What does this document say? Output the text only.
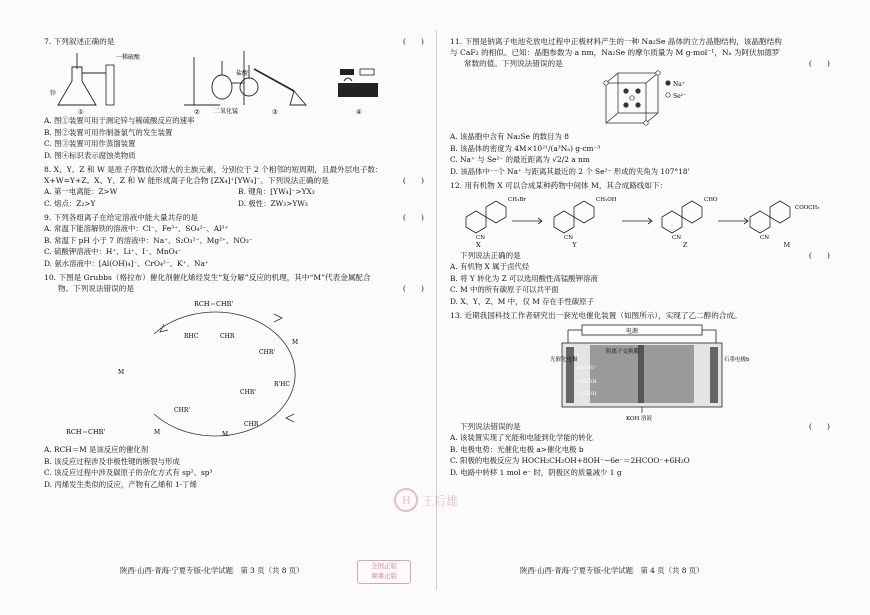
7. 下列叙述正确的是	(　　)
一稀硫酸
锌
①
盐酸
二氧化锰
②	③	④
A. 图①装置可用于测定锌与稀硫酸反应的速率
B. 图②装置可用作制备氯气的发生装置
C. 图③装置可用作蒸馏装置
D. 图④标识表示腐蚀类物质
8. X、Y、Z 和 W 是原子序数依次增大的主族元素，分别位于 2 个相邻的短周期，且最外层电子数：
X+W=Y+Z。X、Y、Z 和 W 能形成离子化合物 [ZX₄]⁺[YW₄]⁻。下列说法正确的是	(　　)
A. 第一电离能：Z>W	B. 键角：[YW₄]⁻>YX₃
C. 熔点：Z₂>Y	D. 极性：ZW₃>YW₃
9. 下列各组离子在给定溶液中能大量共存的是	(　　)
A. 常温下能溶解铁的溶液中：Cl⁻、Fe³⁺、SO₄²⁻、Al³⁺
B. 常温下 pH 小于 7 的溶液中：Na⁺、S₂O₃²⁻、Mg²⁺、NO₃⁻
C. 硫酸钾溶液中：H⁺、Li⁺、I⁻、MnO₄⁻
D. 氨水溶液中：[Al(OH)₄]⁻、CrO₄²⁻、K⁺、Na⁺
10. 下图是 Grubbs（格拉布）催化剂催化烯烃发生“复分解”反应的机理，其中“M”代表金属配合
物。下列说法错误的是	(　　)
RCH＝CHR'
RHC	CHR
CHR'
M
M
R'HC
CHR'
RCH＝CHR'	M	M
CHR
CHR'
A. RCH＝M 是该反应的催化剂
B. 该反应过程涉及非极性键的断裂与形成
C. 该反应过程中涉及碳原子的杂化方式有 sp²、sp³
D. 丙烯发生类似的反应，产物有乙烯和 1-丁烯
陕西·山西·青海·宁夏专版-化学试题　第 3 页（共 8 页）
11. 下图是钠离子电池充放电过程中正极材料产生的一种 Na₂Se 晶体的立方晶胞结构，该晶胞结构
与 CaF₂ 的相似。已知：晶胞参数为 a nm，Na₂Se 的摩尔质量为 M g·mol⁻¹，Nₐ 为阿伏加德罗
常数的值。下列说法错误的是	(　　)
Na⁺
Se²⁻
A. 该晶胞中含有 Na₂Se 的数目为 8
B. 该晶体的密度为 4M×10²¹/(a³Nₐ) g·cm⁻³
C. Na⁺ 与 Se²⁻ 的最近距离为 √2/2 a nm
D. 该晶体中一个 Na⁺ 与距离其最近的 2 个 Se²⁻ 形成的夹角为 107°18'
12. 用有机物 X 可以合成某种药物中间体 M，其合成路线如下：
CH₂Br	CH₂OH	CHO
COOCH₃
CN	CN	CN	CN
X	Y	Z	M
下列说法正确的是	(　　)
A. 有机物 X 属于卤代烃
B. 将 Y 转化为 Z 可以选用酸性高锰酸钾溶液
C. M 中的所有碳原子可以共平面
D. X、Y、Z、M 中，仅 M 存在手性碳原子
13. 近期我国科技工作者研究出一套光电催化装置（如图所示），实现了乙二醇的合成。
电源
阴离子交换膜
光催化电极	石墨电极b
HCOO⁻
CH₂OH
CH₂OH
KOH 溶液
下列说法错误的是	(　　)
A. 该装置实现了光能和电能到化学能的转化
B. 电极电势：光催化电极 a>催化电极 b
C. 阳极的电极反应为 HOCH₂CH₂OH+8OH⁻−6e⁻＝2HCOO⁻+6H₂O
D. 电路中转移 1 mol e⁻ 时，阴极区的质量减少 1 g
陕西·山西·青海·宁夏专版-化学试题　第 4 页（共 8 页）
H 王后雄
全国正版
课课正版
